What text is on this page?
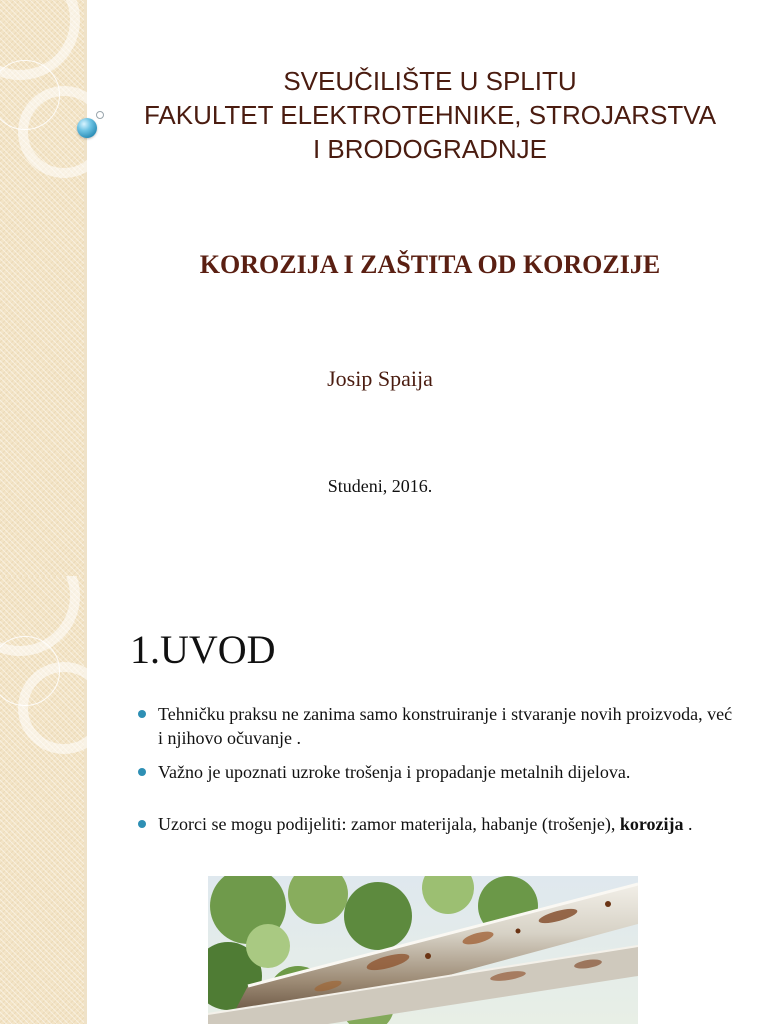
SVEUČILIŠTE U SPLITU
FAKULTET ELEKTROTEHNIKE, STROJARSTVA
I BRODOGRADNJE
KOROZIJA I ZAŠTITA OD KOROZIJE
Josip Spaija
Studeni, 2016.
1.UVOD
Tehničku praksu ne zanima samo konstruiranje i stvaranje novih proizvoda, već i njihovo očuvanje .
Važno je upoznati uzroke trošenja i propadanje metalnih dijelova.
Uzorci se mogu podijeliti: zamor materijala, habanje (trošenje), korozija .
